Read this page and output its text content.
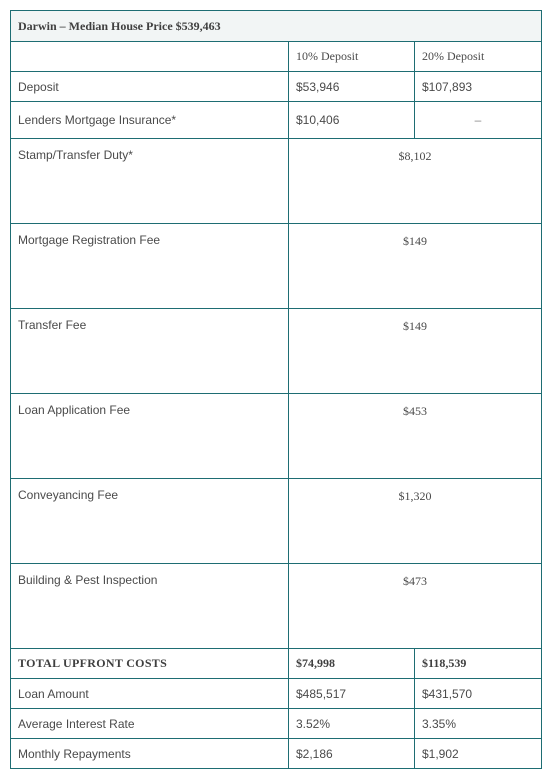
Darwin – Median House Price $539,463		
	10% Deposit	20% Deposit
Deposit	$53,946	$107,893
Lenders Mortgage Insurance*	$10,406	–
Stamp/Transfer Duty*	$8,102	
Mortgage Registration Fee	$149	
Transfer Fee	$149	
Loan Application Fee	$453	
Conveyancing Fee	$1,320	
Building & Pest Inspection	$473	
TOTAL UPFRONT COSTS	$74,998	$118,539
Loan Amount	$485,517	$431,570
Average Interest Rate	3.52%	3.35%
Monthly Repayments	$2,186	$1,902
